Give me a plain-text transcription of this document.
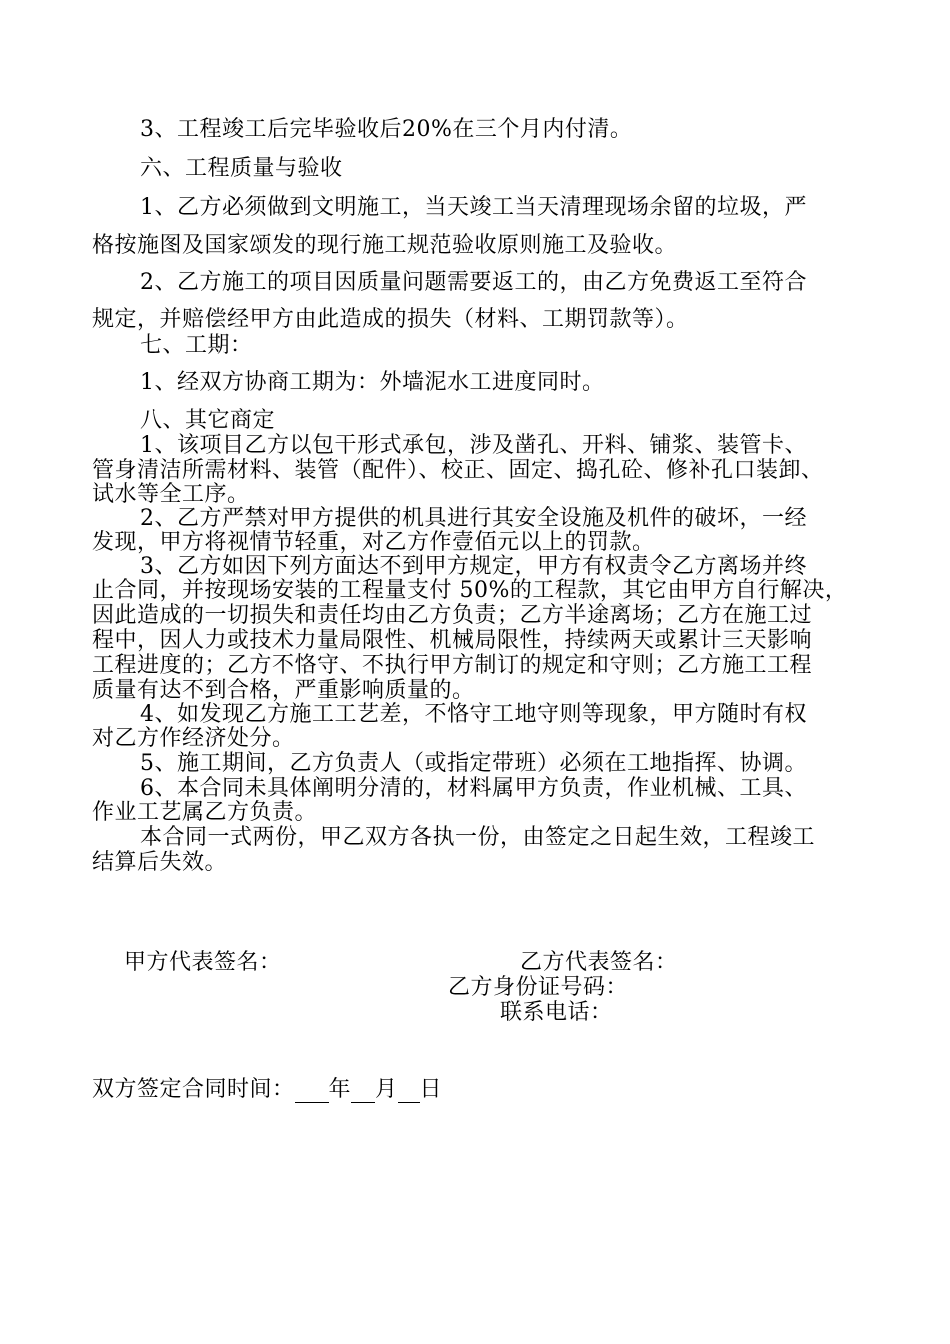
3、工程竣工后完毕验收后20%在三个月内付清。
六、工程质量与验收
1、乙方必须做到文明施工，当天竣工当天清理现场余留的垃圾，严
格按施图及国家颂发的现行施工规范验收原则施工及验收。
2、乙方施工的项目因质量问题需要返工的，由乙方免费返工至符合
规定，并赔偿经甲方由此造成的损失（材料、工期罚款等）。
七、工期：
1、经双方协商工期为：外墙泥水工进度同时。
八、其它商定
1、该项目乙方以包干形式承包，涉及凿孔、开料、铺浆、装管卡、
管身清洁所需材料、装管（配件）、校正、固定、捣孔砼、修补孔口装卸、
试水等全工序。
2、乙方严禁对甲方提供的机具进行其安全设施及机件的破坏，一经
发现，甲方将视情节轻重，对乙方作壹佰元以上的罚款。
3、乙方如因下列方面达不到甲方规定，甲方有权责令乙方离场并终
止合同，并按现场安装的工程量支付 50%的工程款，其它由甲方自行解决，
因此造成的一切损失和责任均由乙方负责；乙方半途离场；乙方在施工过
程中，因人力或技术力量局限性、机械局限性，持续两天或累计三天影响
工程进度的；乙方不恪守、不执行甲方制订的规定和守则；乙方施工工程
质量有达不到合格，严重影响质量的。
4、如发现乙方施工工艺差，不恪守工地守则等现象，甲方随时有权
对乙方作经济处分。
5、施工期间，乙方负责人（或指定带班）必须在工地指挥、协调。
6、本合同未具体阐明分清的，材料属甲方负责，作业机械、工具、
作业工艺属乙方负责。
本合同一式两份，甲乙双方各执一份，由签定之日起生效，工程竣工
结算后失效。
甲方代表签名：	乙方代表签名：
乙方身份证号码：
联系电话：
双方签定合同时间： 年 月 日
